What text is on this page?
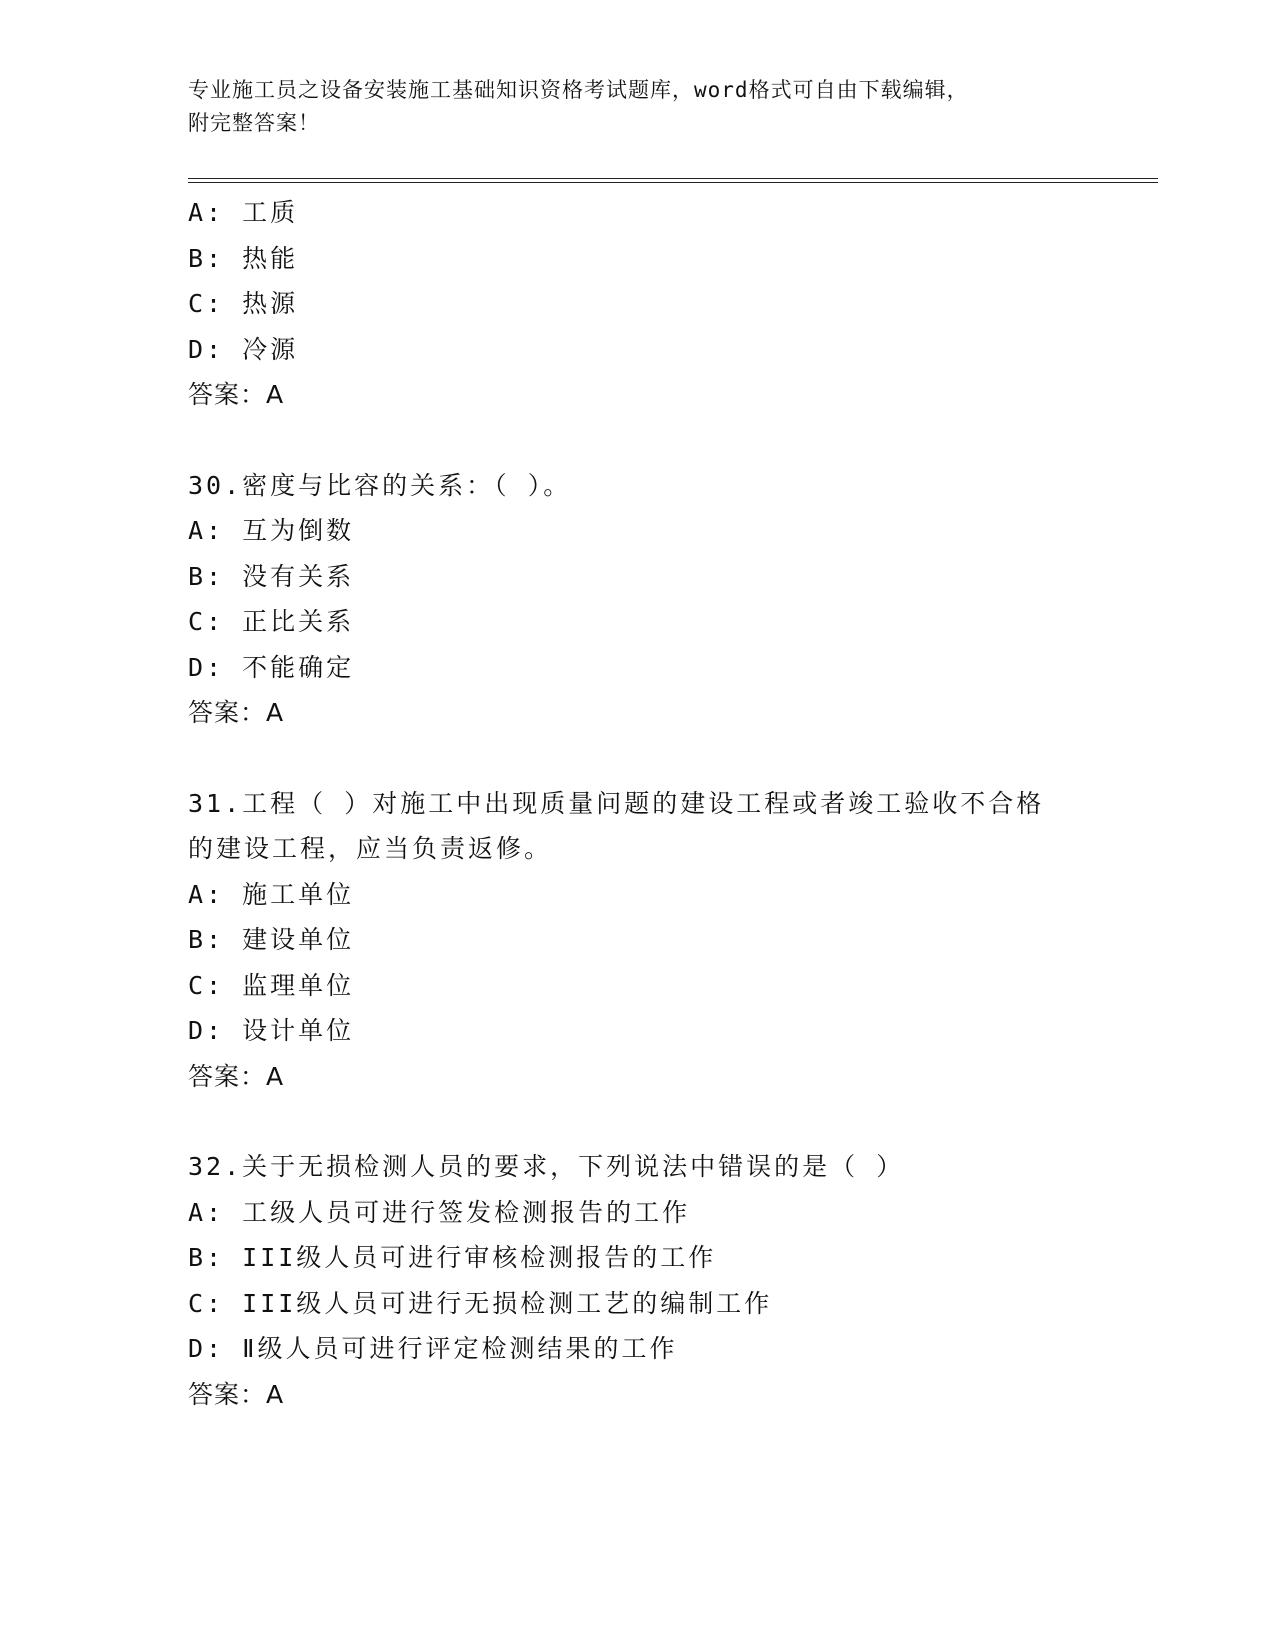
专业施工员之设备安装施工基础知识资格考试题库，word格式可自由下载编辑，
附完整答案！
A: 工质
B: 热能
C: 热源
D: 冷源
答案：A
30.密度与比容的关系：（ ）。
A: 互为倒数
B: 没有关系
C: 正比关系
D: 不能确定
答案：A
31.工程（ ）对施工中出现质量问题的建设工程或者竣工验收不合格的建设工程，应当负责返修。
A: 施工单位
B: 建设单位
C: 监理单位
D: 设计单位
答案：A
32.关于无损检测人员的要求，下列说法中错误的是（ ）
A: 工级人员可进行签发检测报告的工作
B: III级人员可进行审核检测报告的工作
C: III级人员可进行无损检测工艺的编制工作
D: Ⅱ级人员可进行评定检测结果的工作
答案：A
